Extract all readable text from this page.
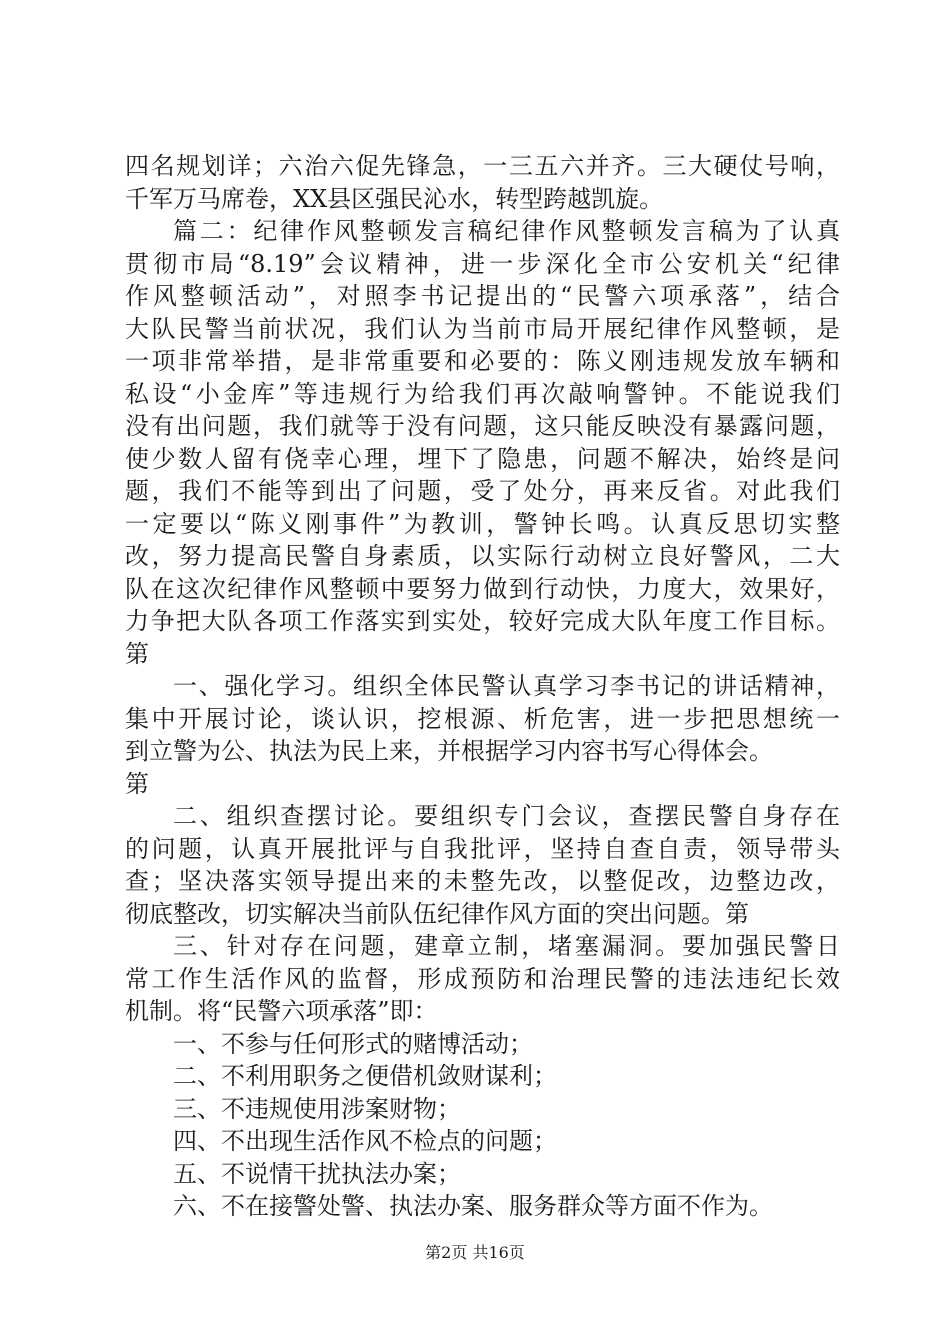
四名规划详；六治六促先锋急，一三五六并齐。三大硬仗号响，
千军万马席卷，XX县区强民沁水，转型跨越凯旋。
篇二：纪律作风整顿发言稿纪律作风整顿发言稿为了认真
贯彻市局“8.19”会议精神，进一步深化全市公安机关“纪律
作风整顿活动”，对照李书记提出的“民警六项承落”，结合
大队民警当前状况，我们认为当前市局开展纪律作风整顿，是
一项非常举措，是非常重要和必要的：陈义刚违规发放车辆和
私设“小金库”等违规行为给我们再次敲响警钟。不能说我们
没有出问题，我们就等于没有问题，这只能反映没有暴露问题，
使少数人留有侥幸心理，埋下了隐患，问题不解决，始终是问
题，我们不能等到出了问题，受了处分，再来反省。对此我们
一定要以“陈义刚事件”为教训，警钟长鸣。认真反思切实整
改，努力提高民警自身素质，以实际行动树立良好警风，二大
队在这次纪律作风整顿中要努力做到行动快，力度大，效果好，
力争把大队各项工作落实到实处，较好完成大队年度工作目标。
第
一、强化学习。组织全体民警认真学习李书记的讲话精神，
集中开展讨论，谈认识，挖根源、析危害，进一步把思想统一
到立警为公、执法为民上来，并根据学习内容书写心得体会。
第
二、组织查摆讨论。要组织专门会议，查摆民警自身存在
的问题，认真开展批评与自我批评，坚持自查自责，领导带头
查；坚决落实领导提出来的未整先改，以整促改，边整边改，
彻底整改，切实解决当前队伍纪律作风方面的突出问题。第
三、针对存在问题，建章立制，堵塞漏洞。要加强民警日
常工作生活作风的监督，形成预防和治理民警的违法违纪长效
机制。将“民警六项承落”即：
一、不参与任何形式的赌博活动；
二、不利用职务之便借机敛财谋利；
三、不违规使用涉案财物；
四、不出现生活作风不检点的问题；
五、不说情干扰执法办案；
六、不在接警处警、执法办案、服务群众等方面不作为。
第2页 共16页
